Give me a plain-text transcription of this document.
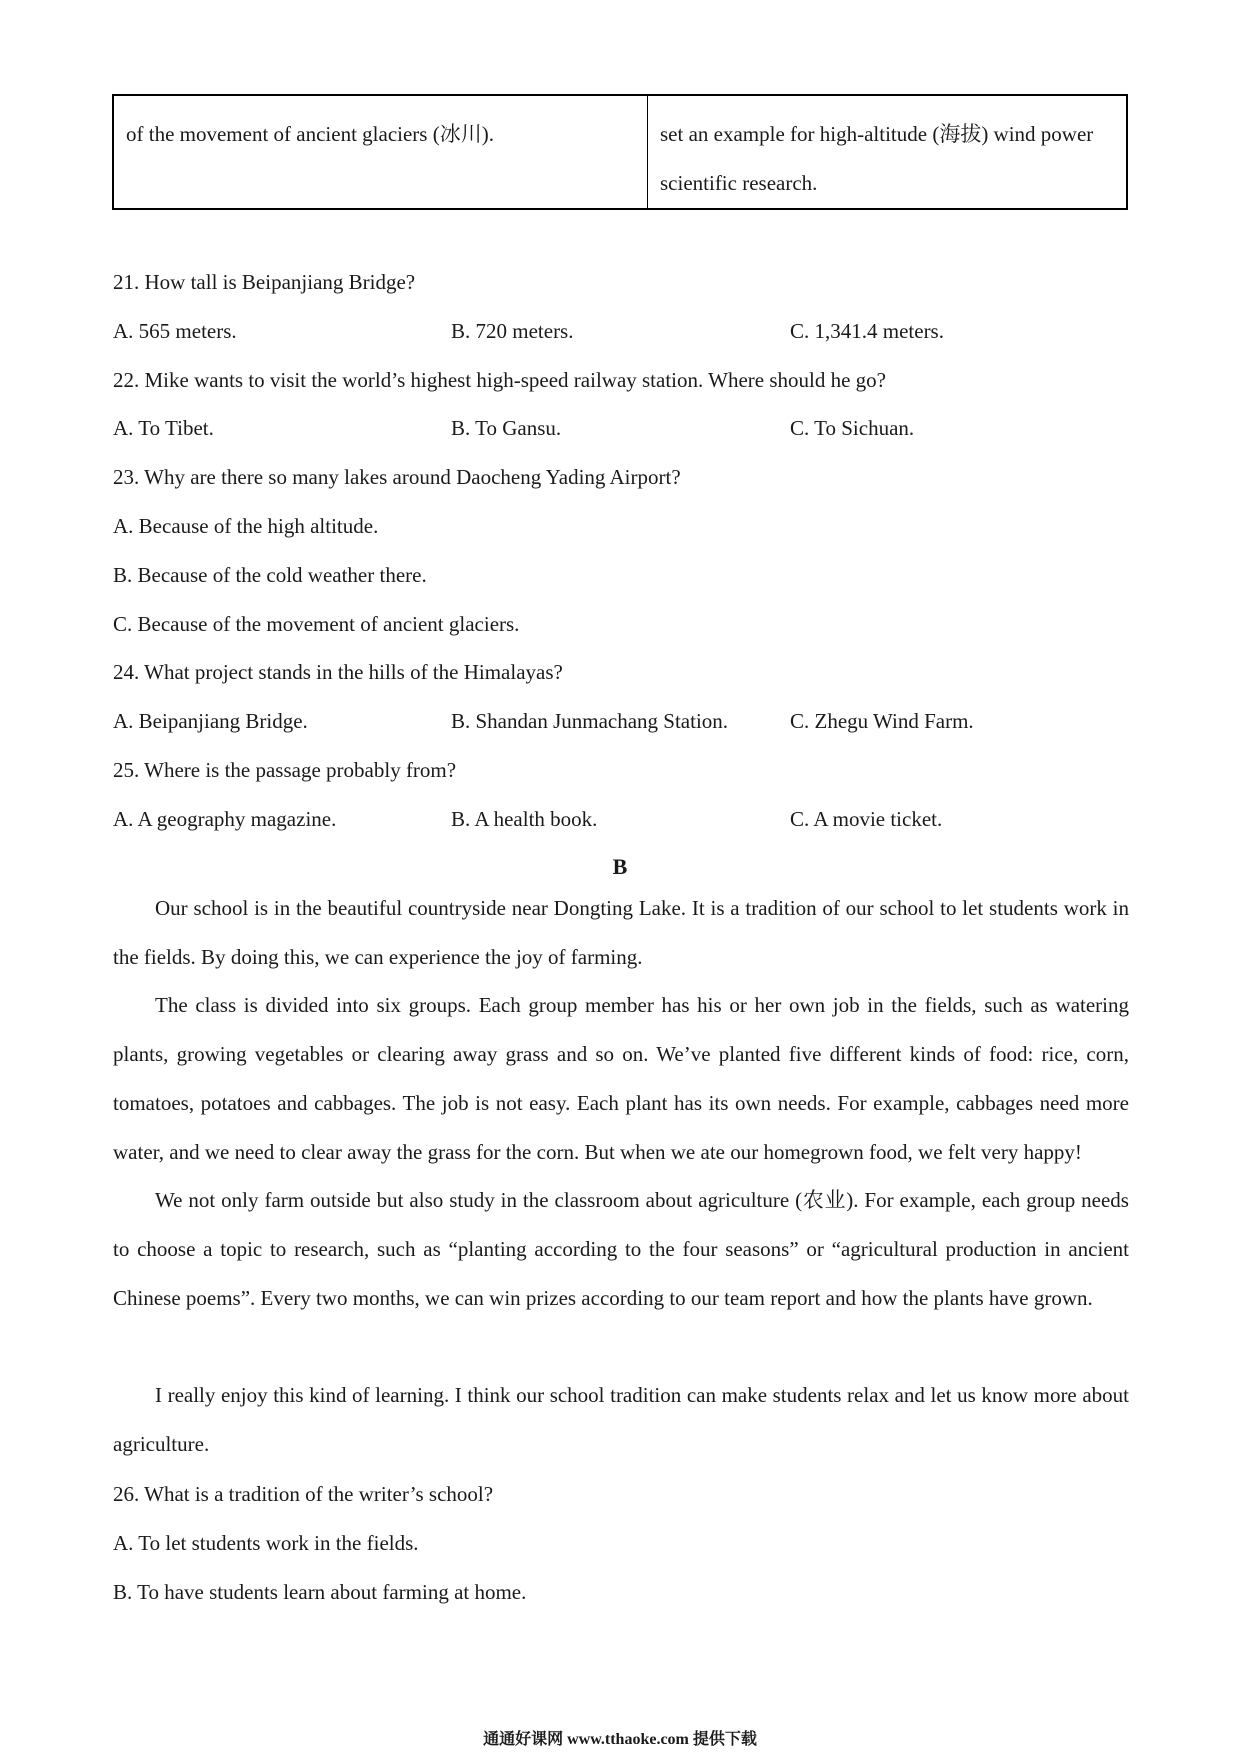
of the movement of ancient glaciers (冰川).	set an example for high-altitude (海拔) wind power scientific research.
21. How tall is Beipanjiang Bridge?
A. 565 meters.	B. 720 meters.	C. 1,341.4 meters.
22. Mike wants to visit the world’s highest high-speed railway station. Where should he go?
A. To Tibet.	B. To Gansu.	C. To Sichuan.
23. Why are there so many lakes around Daocheng Yading Airport?
A. Because of the high altitude.
B. Because of the cold weather there.
C. Because of the movement of ancient glaciers.
24. What project stands in the hills of the Himalayas?
A. Beipanjiang Bridge.	B. Shandan Junmachang Station.	C. Zhegu Wind Farm.
25. Where is the passage probably from?
A. A geography magazine.	B. A health book.	C. A movie ticket.
B

Our school is in the beautiful countryside near Dongting Lake. It is a tradition of our school to let students work in the fields. By doing this, we can experience the joy of farming.

The class is divided into six groups. Each group member has his or her own job in the fields, such as watering plants, growing vegetables or clearing away grass and so on. We’ve planted five different kinds of food: rice, corn, tomatoes, potatoes and cabbages. The job is not easy. Each plant has its own needs. For example, cabbages need more water, and we need to clear away the grass for the corn. But when we ate our homegrown food, we felt very happy!

We not only farm outside but also study in the classroom about agriculture (农业). For example, each group needs to choose a topic to research, such as “planting according to the four seasons” or “agricultural production in ancient Chinese poems”. Every two months, we can win prizes according to our team report and how the plants have grown.

I really enjoy this kind of learning. I think our school tradition can make students relax and let us know more about agriculture.

26. What is a tradition of the writer’s school?
A. To let students work in the fields.
B. To have students learn about farming at home.
通通好课网 www.tthaoke.com 提供下载
